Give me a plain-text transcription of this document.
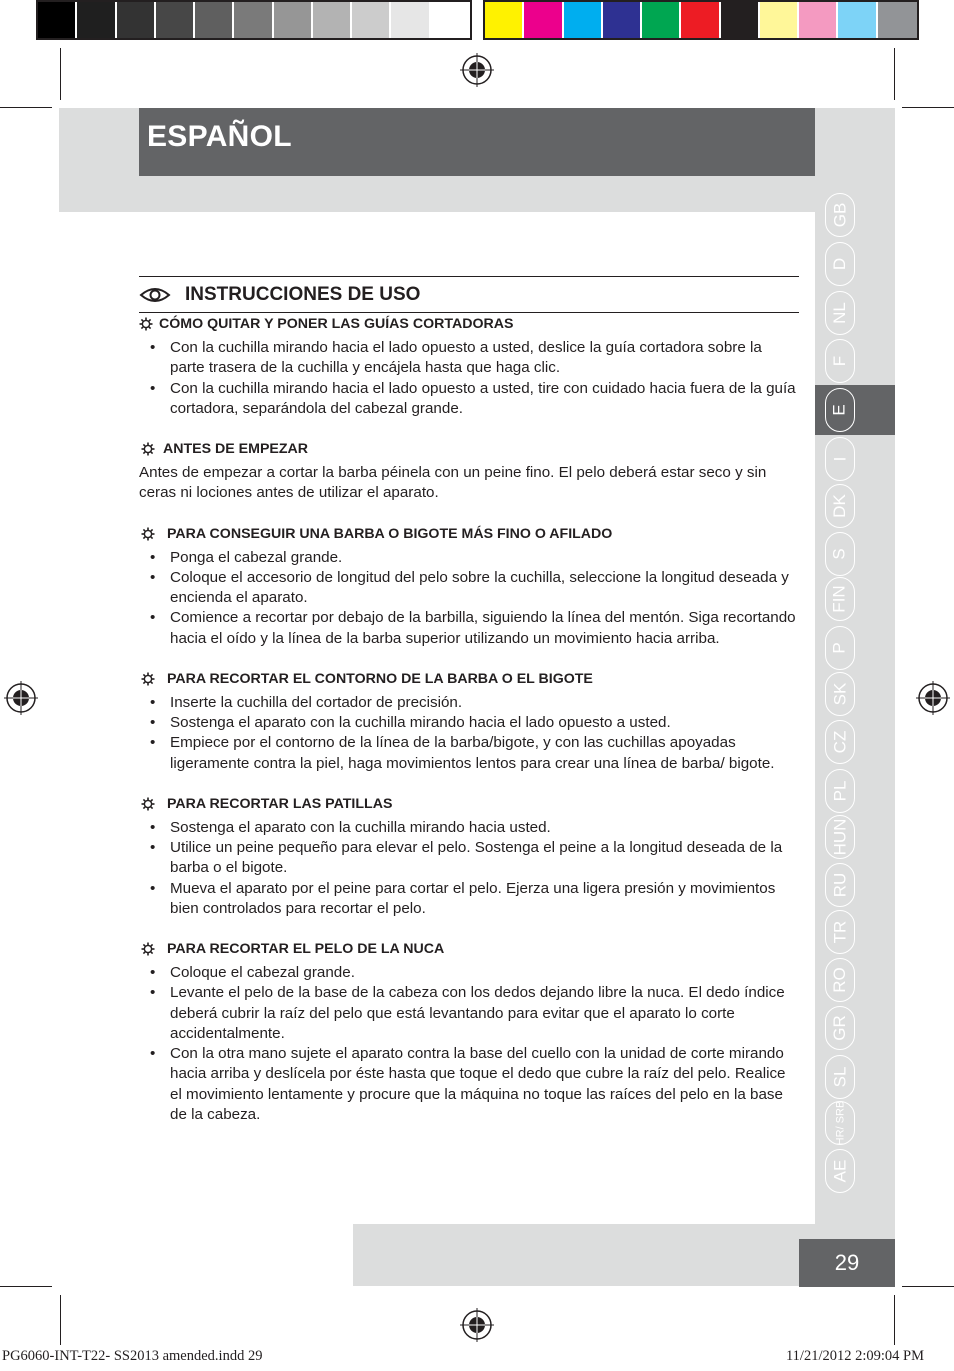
ESPAÑOL
GB
D
NL
F
E
I
DK
S
FIN
P
SK
CZ
PL
HUN
RU
TR
RO
GR
SL
HR/ SRB
AE
29
INSTRUCCIONES DE USO
CÓMO QUITAR Y PONER LAS GUÍAS CORTADORAS
• Con la cuchilla mirando hacia el lado opuesto a usted, deslice la guía cortadora sobre la parte trasera de la cuchilla y encájela hasta que haga clic.
• Con la cuchilla mirando hacia el lado opuesto a usted, tire con cuidado hacia fuera de la guía cortadora, separándola del cabezal grande.
ANTES DE EMPEZAR

Antes de empezar a cortar la barba péinela con un peine fino. El pelo deberá estar seco y sin ceras ni lociones antes de utilizar el aparato.

PARA CONSEGUIR UNA BARBA O BIGOTE MÁS FINO O AFILADO
• Ponga el cabezal grande.
• Coloque el accesorio de longitud del pelo sobre la cuchilla, seleccione la longitud deseada y encienda el aparato.
• Comience a recortar por debajo de la barbilla, siguiendo la línea del mentón. Siga recortando hacia el oído y la línea de la barba superior utilizando un movimiento hacia arriba.
PARA RECORTAR EL CONTORNO DE LA BARBA O EL BIGOTE
• Inserte la cuchilla del cortador de precisión.
• Sostenga el aparato con la cuchilla mirando hacia el lado opuesto a usted.
• Empiece por el contorno de la línea de la barba/bigote, y con las cuchillas apoyadas ligeramente contra la piel, haga movimientos lentos para crear una línea de barba/ bigote.
PARA RECORTAR LAS PATILLAS
• Sostenga el aparato con la cuchilla mirando hacia usted.
• Utilice un peine pequeño para elevar el pelo. Sostenga el peine a la longitud deseada de la barba o el bigote.
• Mueva el aparato por el peine para cortar el pelo. Ejerza una ligera presión y movimientos bien controlados para recortar el pelo.
PARA RECORTAR EL PELO DE LA NUCA
• Coloque el cabezal grande.
• Levante el pelo de la base de la cabeza con los dedos dejando libre la nuca. El dedo índice deberá cubrir la raíz del pelo que está levantando para evitar que el aparato lo corte accidentalmente.
• Con la otra mano sujete el aparato contra la base del cuello con la unidad de corte mirando hacia arriba y deslícela por éste hasta que toque el dedo que cubre la raíz del pelo. Realice el movimiento lentamente y procure que la máquina no toque las raíces del pelo en la base de la cabeza.
PG6060-INT-T22- SS2013 amended.indd 29	11/21/2012 2:09:04 PM
